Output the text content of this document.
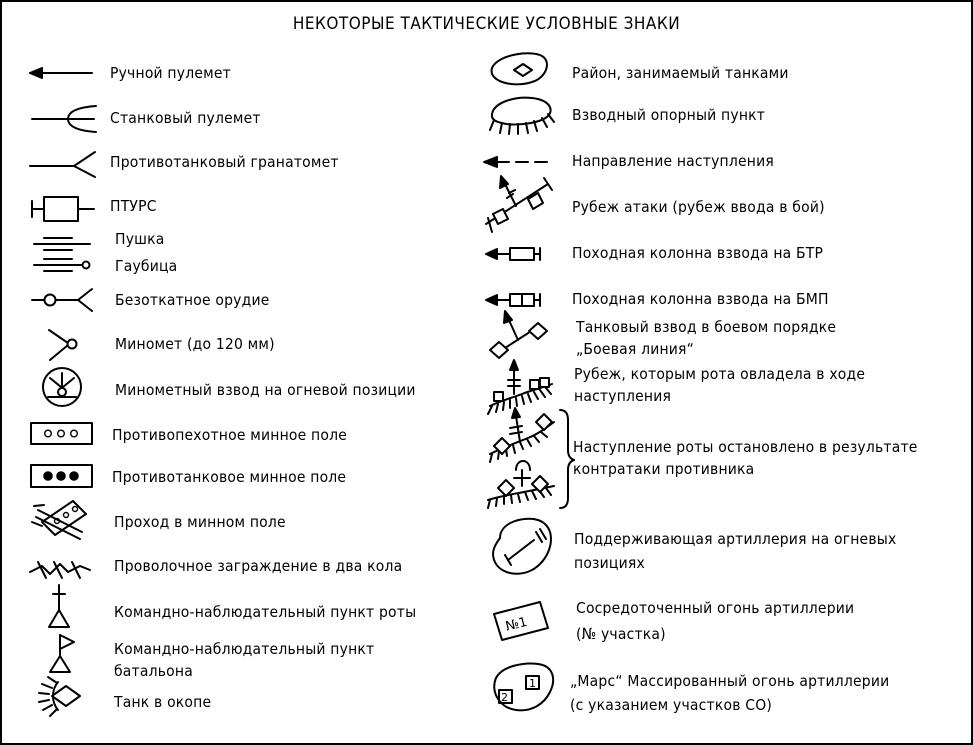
НЕКОТОРЫЕ ТАКТИЧЕСКИЕ УСЛОВНЫЕ ЗНАКИ
Ручной пулемет
Станковый пулемет
Противотанковый гранатомет
ПТУРС
Пушка
Гаубица
Безоткатное орудие
Миномет (до 120 мм)
Минометный взвод на огневой позиции
Противопехотное минное поле
Противотанковое минное поле
Проход в минном поле
Проволочное заграждение в два кола
Командно-наблюдательный пункт роты
Командно-наблюдательный пункт
батальона
Танк в окопе
Район, занимаемый танками
Взводный опорный пункт
Направление наступления
Рубеж атаки (рубеж ввода в бой)
Походная колонна взвода на БТР
Походная колонна взвода на БМП
Танковый взвод в боевом порядке
„Боевая линия“
Рубеж, которым рота овладела в ходе
наступления
Наступление роты остановлено в результате
контратаки противника
Поддерживающая артиллерия на огневых
позициях
Сосредоточенный огонь артиллерии
(№ участка)
„Марс“ Массированный огонь артиллерии
(с указанием участков СО)
№1
2
1
